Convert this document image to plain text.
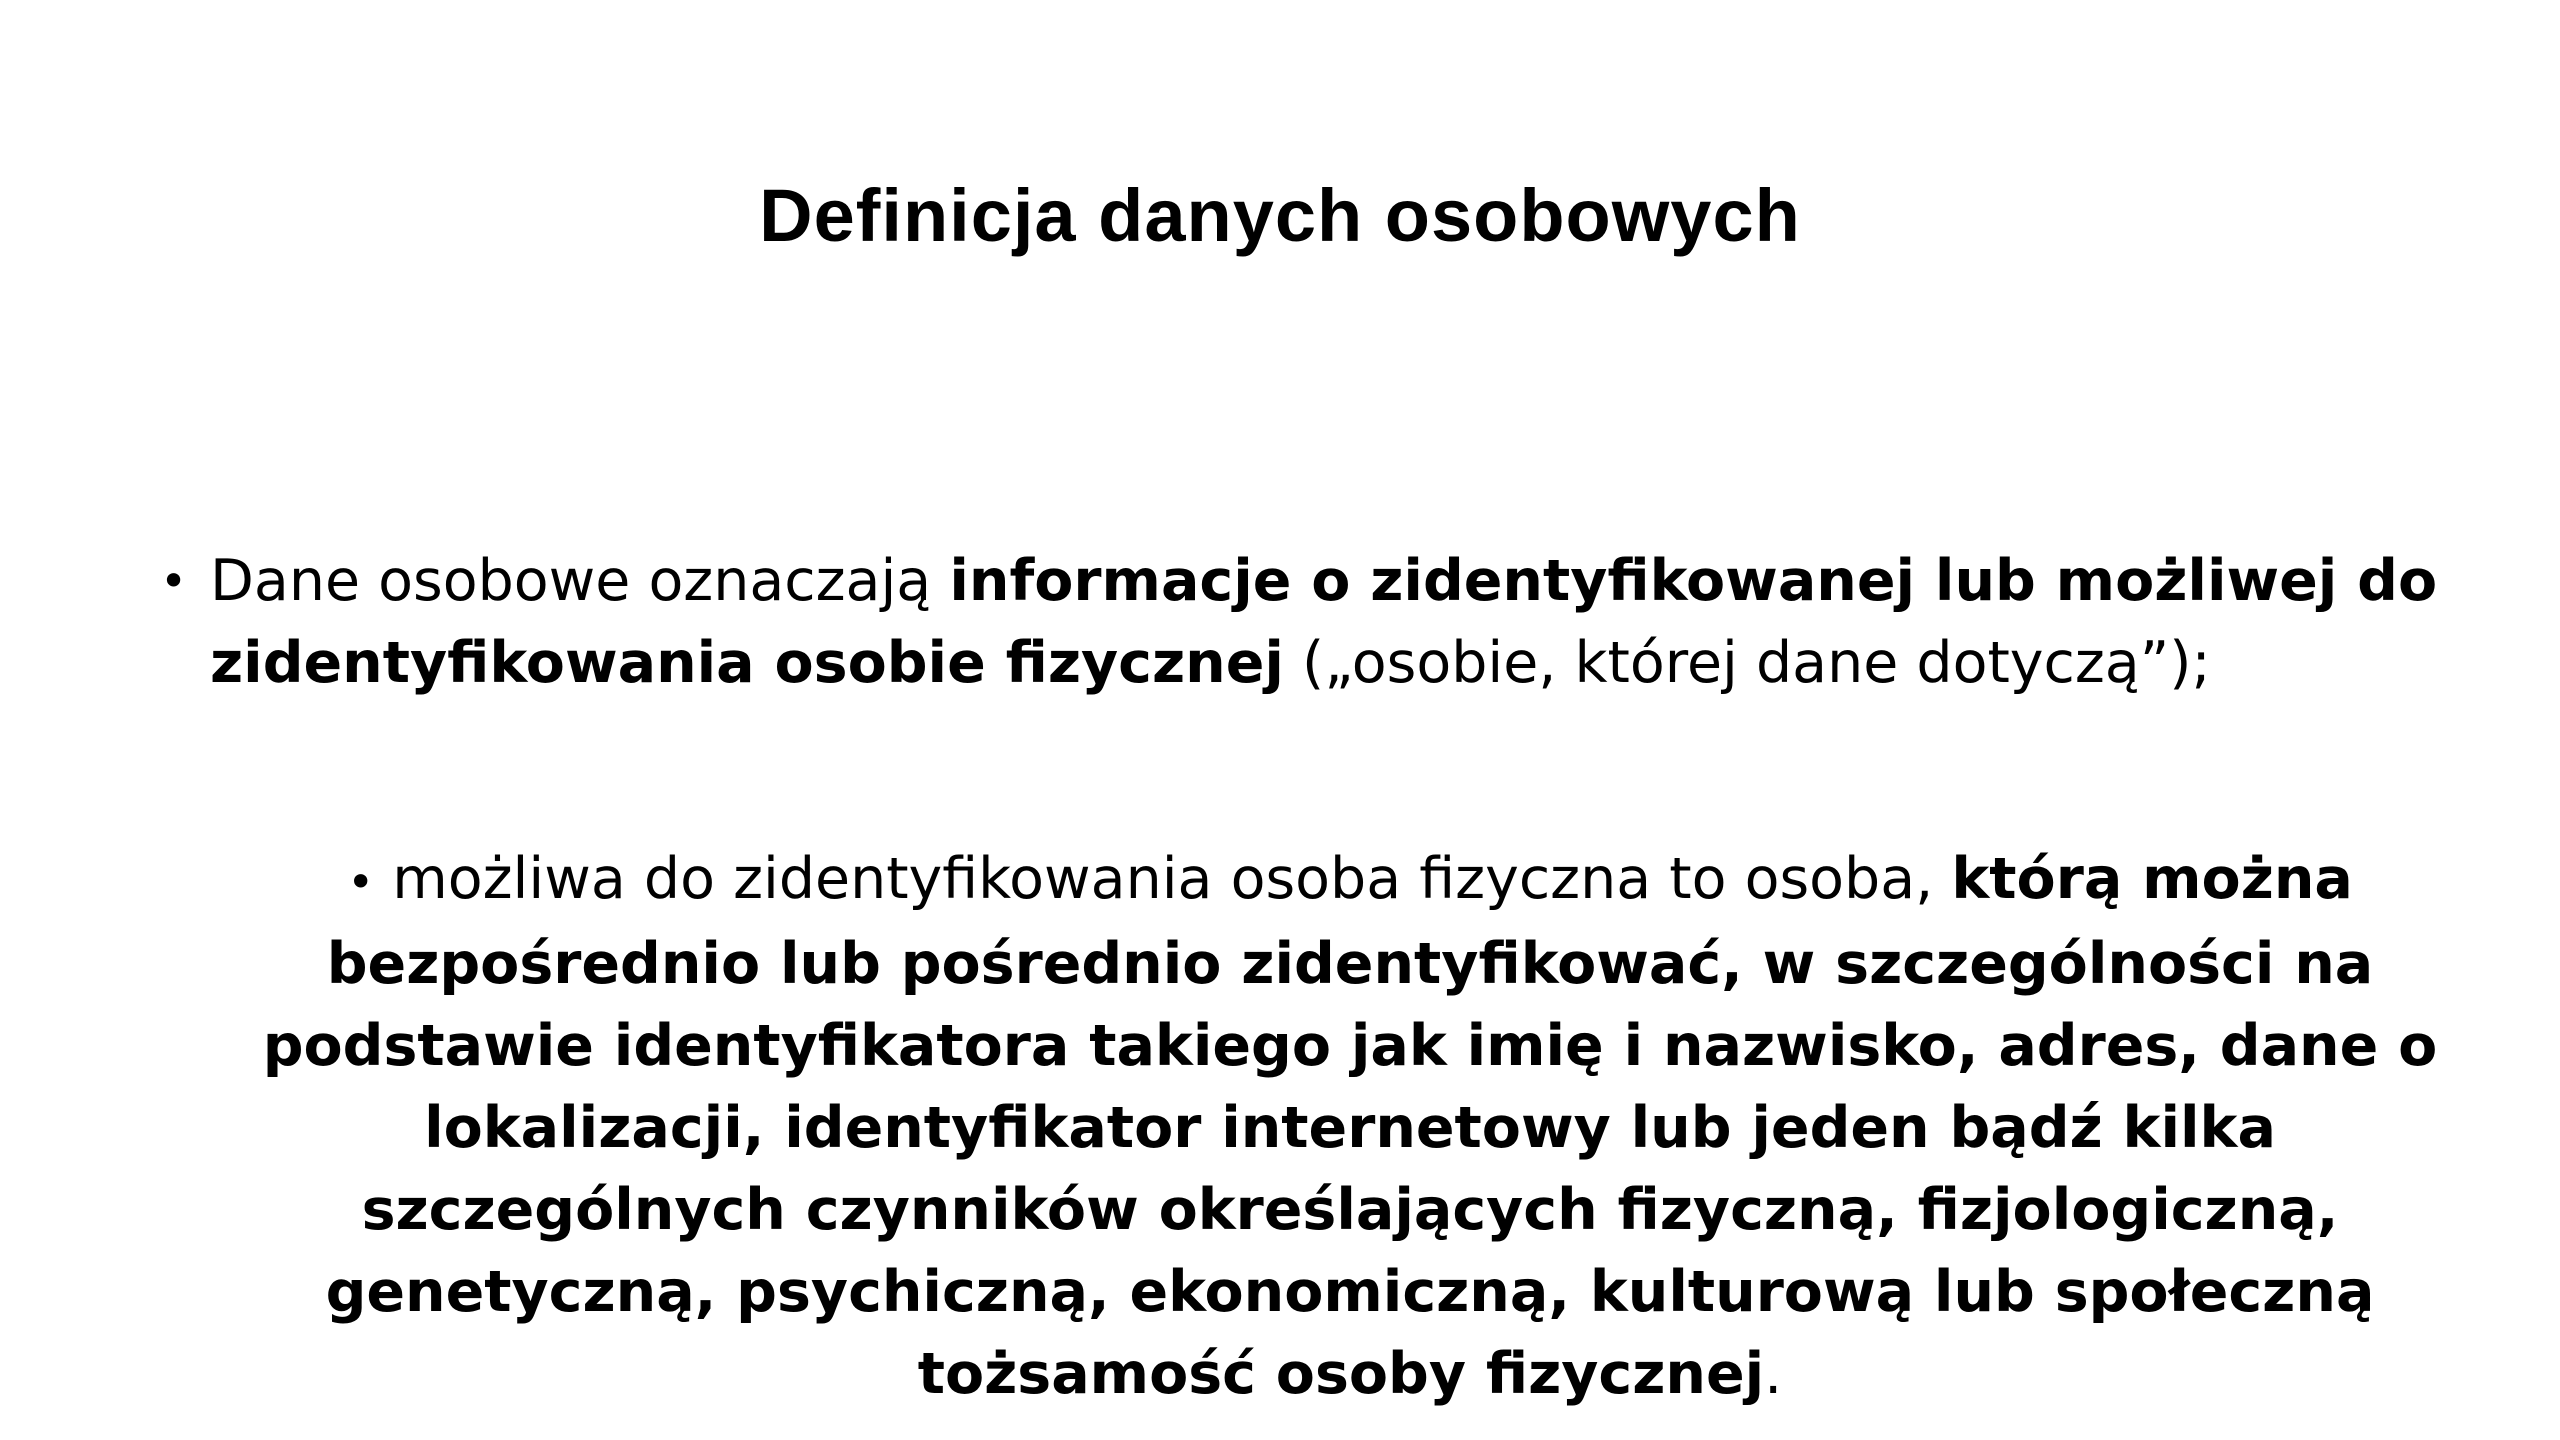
Definicja danych osobowych
• Dane osobowe oznaczają informacje o zidentyfikowanej lub możliwej do zidentyfikowania osobie fizycznej („osobie, której dane dotyczą”);
• możliwa do zidentyfikowania osoba fizyczna to osoba, którą można bezpośrednio lub pośrednio zidentyfikować, w szczególności na podstawie identyfikatora takiego jak imię i nazwisko, adres, dane o lokalizacji, identyfikator internetowy lub jeden bądź kilka szczególnych czynników określających fizyczną, fizjologiczną, genetyczną, psychiczną, ekonomiczną, kulturową lub społeczną tożsamość osoby fizycznej.
